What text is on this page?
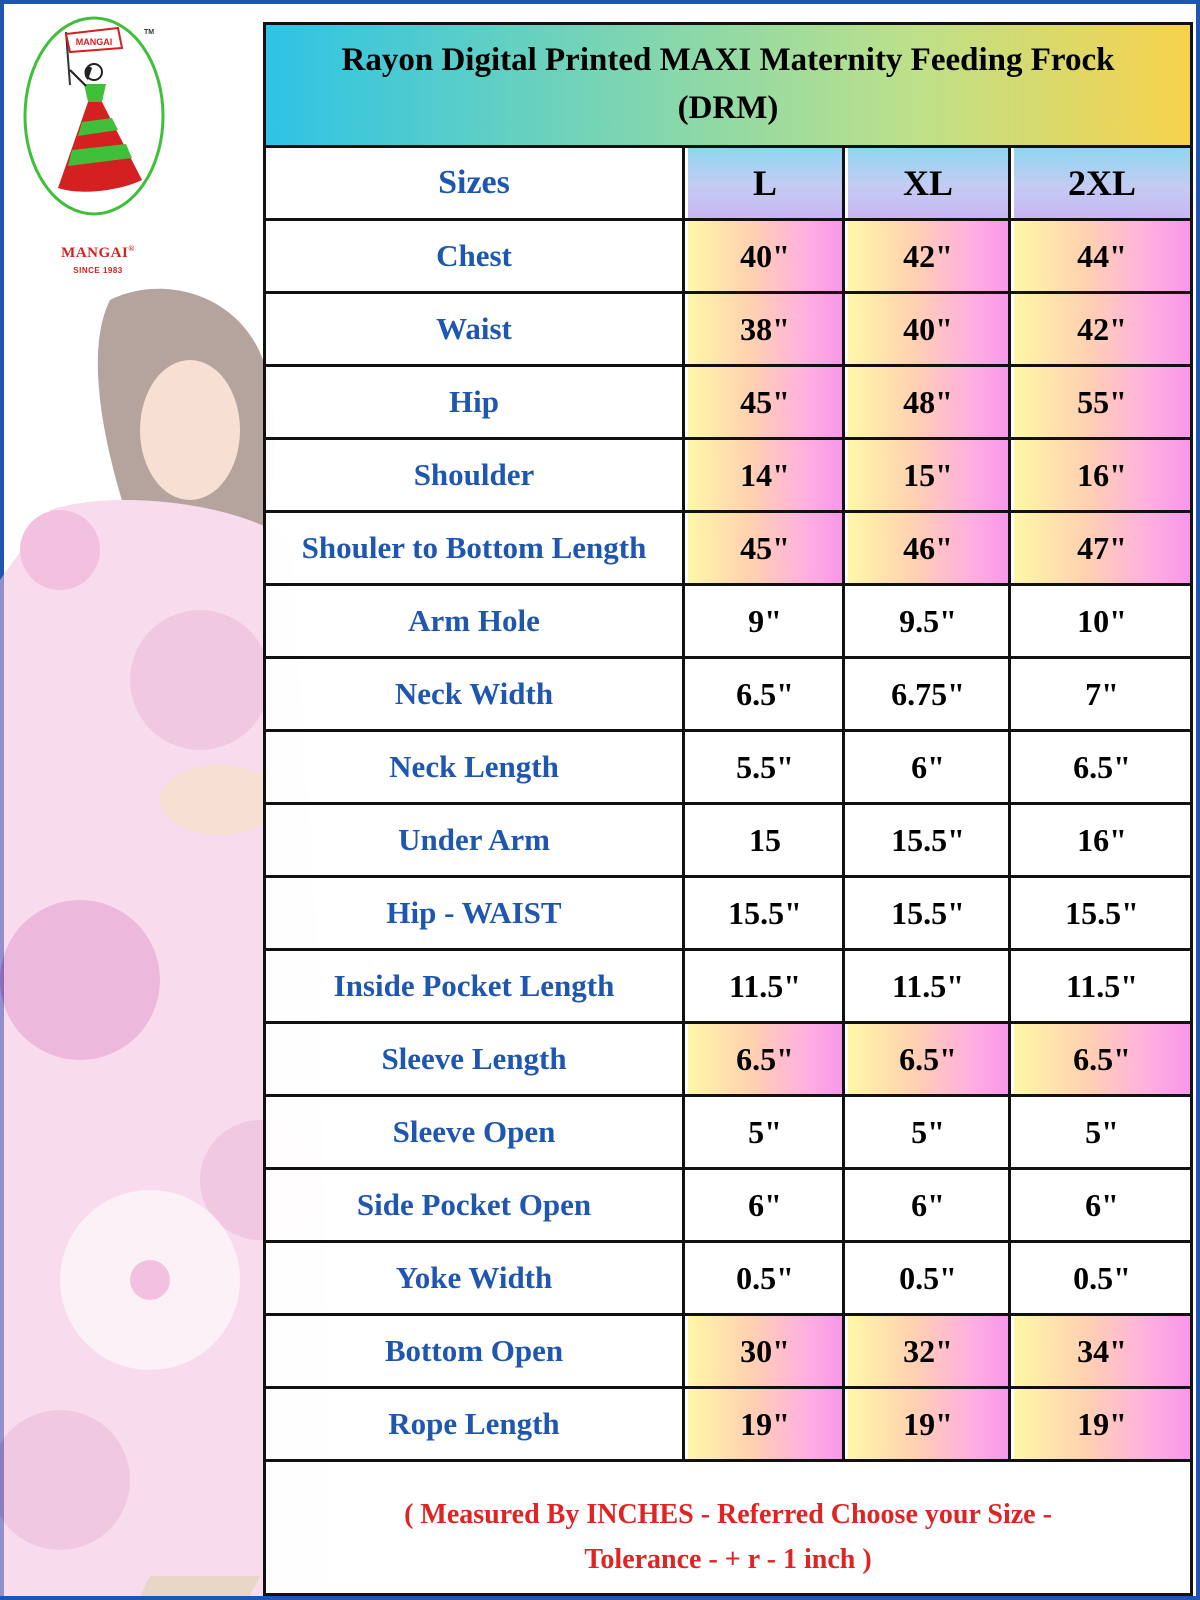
MANGAI
TM
MANGAI®
SINCE 1983
Rayon Digital Printed MAXI Maternity Feeding Frock
(DRM)
Sizes	L	XL	2XL
Chest	40"	42"	44"
Waist	38"	40"	42"
Hip	45"	48"	55"
Shoulder	14"	15"	16"
Shouler to Bottom Length	45"	46"	47"
Arm Hole	9"	9.5"	10"
Neck Width	6.5"	6.75"	7"
Neck Length	5.5"	6"	6.5"
Under Arm	15	15.5"	16"
Hip - WAIST	15.5"	15.5"	15.5"
Inside Pocket Length	11.5"	11.5"	11.5"
Sleeve Length	6.5"	6.5"	6.5"
Sleeve Open	5"	5"	5"
Side Pocket Open	6"	6"	6"
Yoke Width	0.5"	0.5"	0.5"
Bottom Open	30"	32"	34"
Rope Length	19"	19"	19"
( Measured By INCHES - Referred Choose your Size -
Tolerance - + r - 1 inch )
